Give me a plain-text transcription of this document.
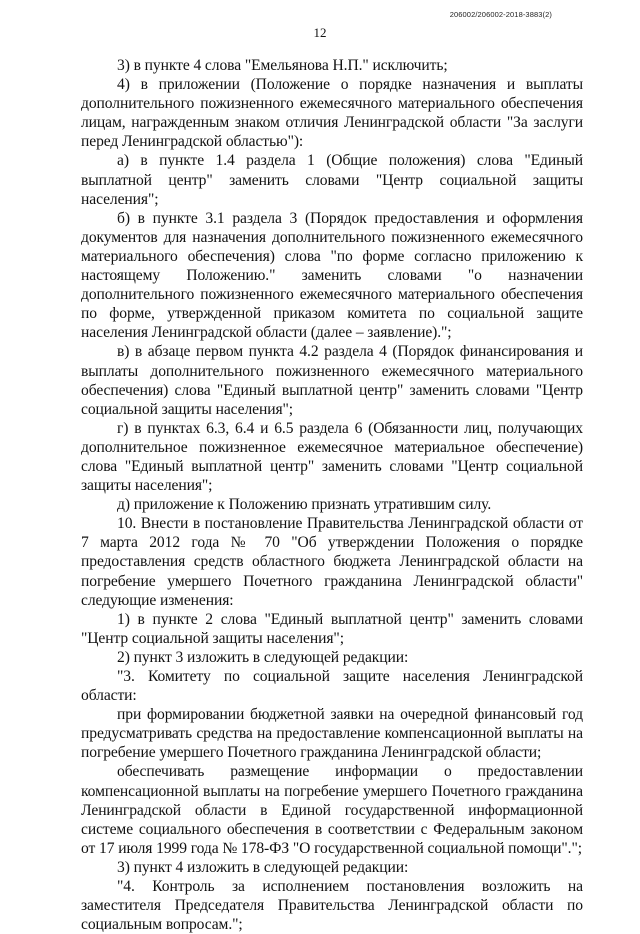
206002/206002-2018-3883(2)
12

3) в пункте 4 слова "Емельянова Н.П." исключить;

4) в приложении (Положение о порядке назначения и выплаты дополнительного пожизненного ежемесячного материального обеспечения лицам, награжденным знаком отличия Ленинградской области "За заслуги перед Ленинградской областью"):

а) в пункте 1.4 раздела 1 (Общие положения) слова "Единый выплатной центр" заменить словами "Центр социальной защиты населения";

б) в пункте 3.1 раздела 3 (Порядок предоставления и оформления документов для назначения дополнительного пожизненного ежемесячного материального обеспечения) слова "по форме согласно приложению к настоящему Положению." заменить словами "о назначении дополнительного пожизненного ежемесячного материального обеспечения по форме, утвержденной приказом комитета по социальной защите населения Ленинградской области (далее – заявление).";

в) в абзаце первом пункта 4.2 раздела 4 (Порядок финансирования и выплаты дополнительного пожизненного ежемесячного материального обеспечения) слова "Единый выплатной центр" заменить словами "Центр социальной защиты населения";

г) в пунктах 6.3, 6.4 и 6.5 раздела 6 (Обязанности лиц, получающих дополнительное пожизненное ежемесячное материальное обеспечение) слова "Единый выплатной центр" заменить словами "Центр социальной защиты населения";

д) приложение к Положению признать утратившим силу.

10. Внести в постановление Правительства Ленинградской области от 7 марта 2012 года № 70 "Об утверждении Положения о порядке предоставления средств областного бюджета Ленинградской области на погребение умершего Почетного гражданина Ленинградской области" следующие изменения:

1) в пункте 2 слова "Единый выплатной центр" заменить словами "Центр социальной защиты населения";

2) пункт 3 изложить в следующей редакции:

"3. Комитету по социальной защите населения Ленинградской области:

при формировании бюджетной заявки на очередной финансовый год предусматривать средства на предоставление компенсационной выплаты на погребение умершего Почетного гражданина Ленинградской области;

обеспечивать размещение информации о предоставлении компенсационной выплаты на погребение умершего Почетного гражданина Ленинградской области в Единой государственной информационной системе социального обеспечения в соответствии с Федеральным законом от 17 июля 1999 года № 178-ФЗ "О государственной социальной помощи".";

3) пункт 4 изложить в следующей редакции:

"4. Контроль за исполнением постановления возложить на заместителя Председателя Правительства Ленинградской области по социальным вопросам.";
